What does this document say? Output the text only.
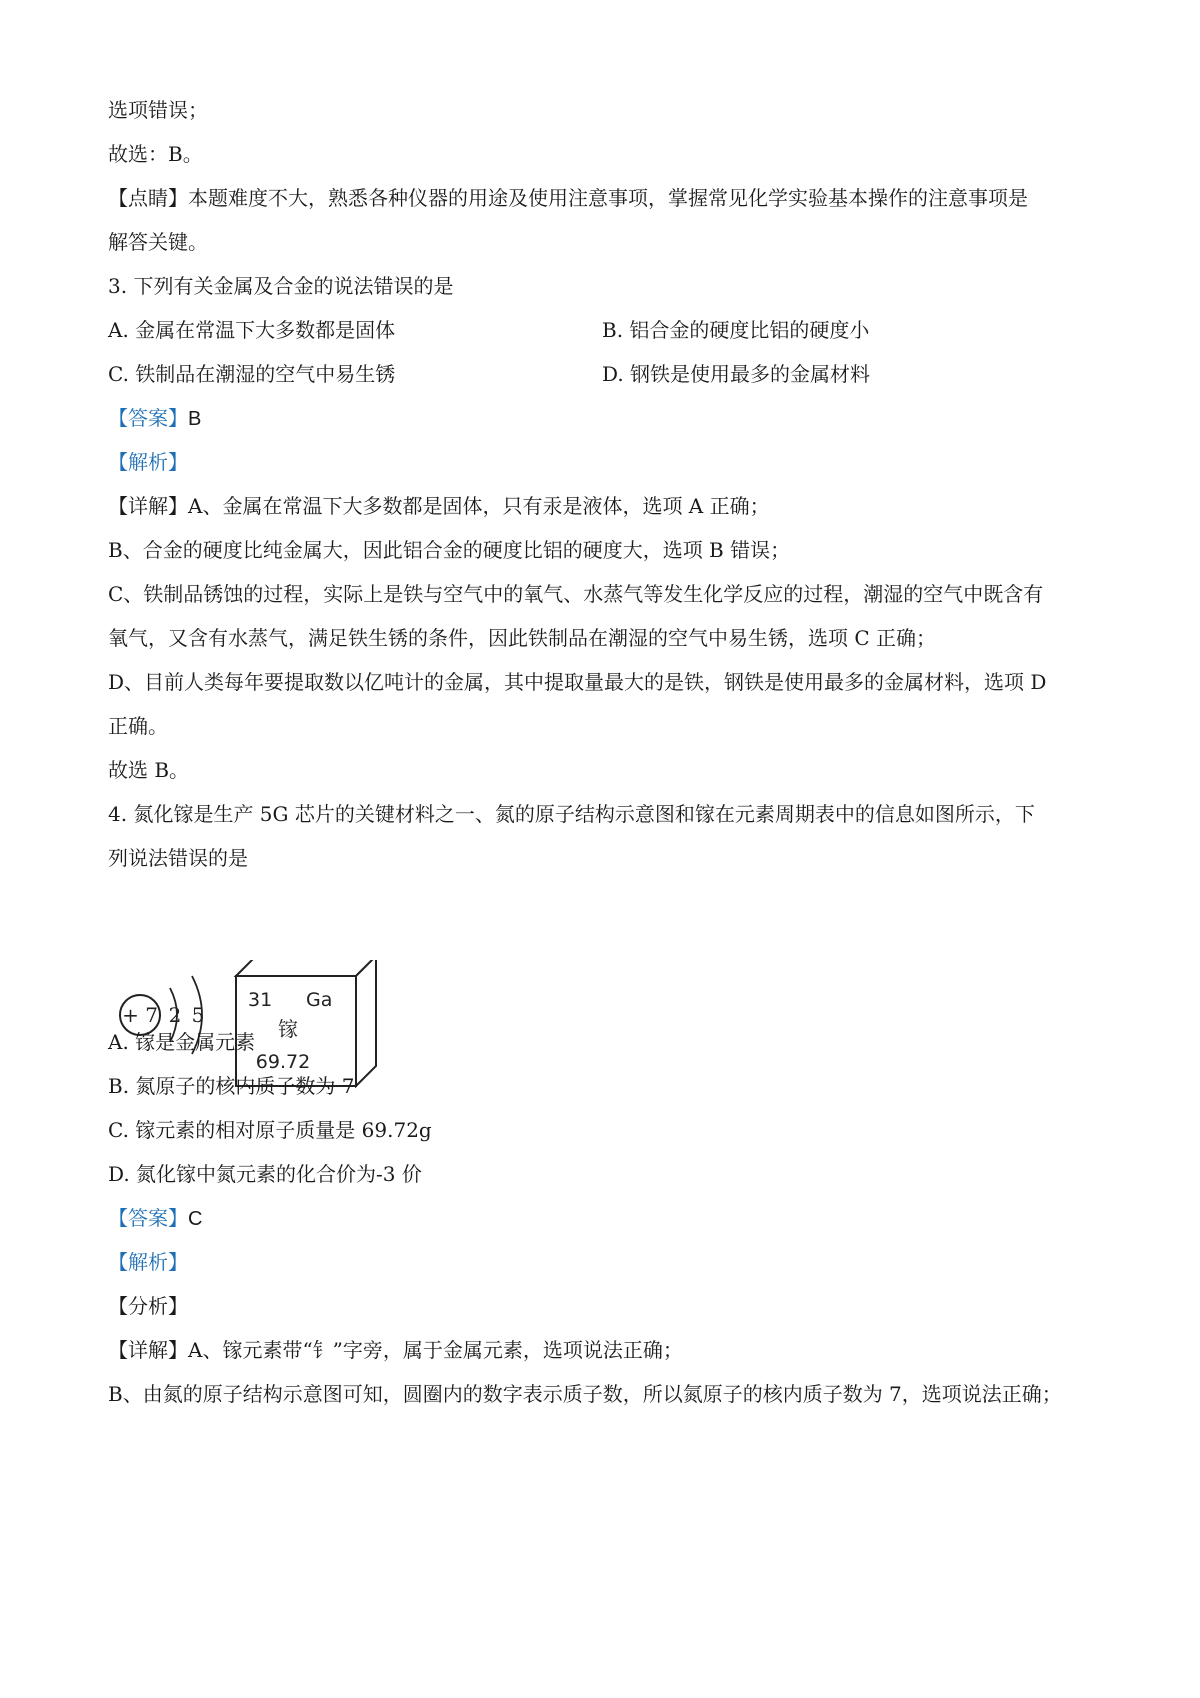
选项错误；
故选：B。
【点睛】本题难度不大，熟悉各种仪器的用途及使用注意事项，掌握常见化学实验基本操作的注意事项是
解答关键。
3. 下列有关金属及合金的说法错误的是
A. 金属在常温下大多数都是固体	B. 铝合金的硬度比铝的硬度小
C. 铁制品在潮湿的空气中易生锈	D. 钢铁是使用最多的金属材料
【答案】B
【解析】
【详解】A、金属在常温下大多数都是固体，只有汞是液体，选项 A 正确；
B、合金的硬度比纯金属大，因此铝合金的硬度比铝的硬度大，选项 B 错误；
C、铁制品锈蚀的过程，实际上是铁与空气中的氧气、水蒸气等发生化学反应的过程，潮湿的空气中既含有
氧气，又含有水蒸气，满足铁生锈的条件，因此铁制品在潮湿的空气中易生锈，选项 C 正确；
D、目前人类每年要提取数以亿吨计的金属，其中提取量最大的是铁，钢铁是使用最多的金属材料，选项 D
正确。
故选 B。
4. 氮化镓是生产 5G 芯片的关键材料之一、氮的原子结构示意图和镓在元素周期表中的信息如图所示，下
列说法错误的是
+ 7 2 5
31 Ga
镓
69.72
A. 镓是金属元素
B. 氮原子的核内质子数为 7
C. 镓元素的相对原子质量是 69.72g
D. 氮化镓中氮元素的化合价为-3 价
【答案】C
【解析】
【分析】
【详解】A、镓元素带“钅”字旁，属于金属元素，选项说法正确；
B、由氮的原子结构示意图可知，圆圈内的数字表示质子数，所以氮原子的核内质子数为 7，选项说法正确；
